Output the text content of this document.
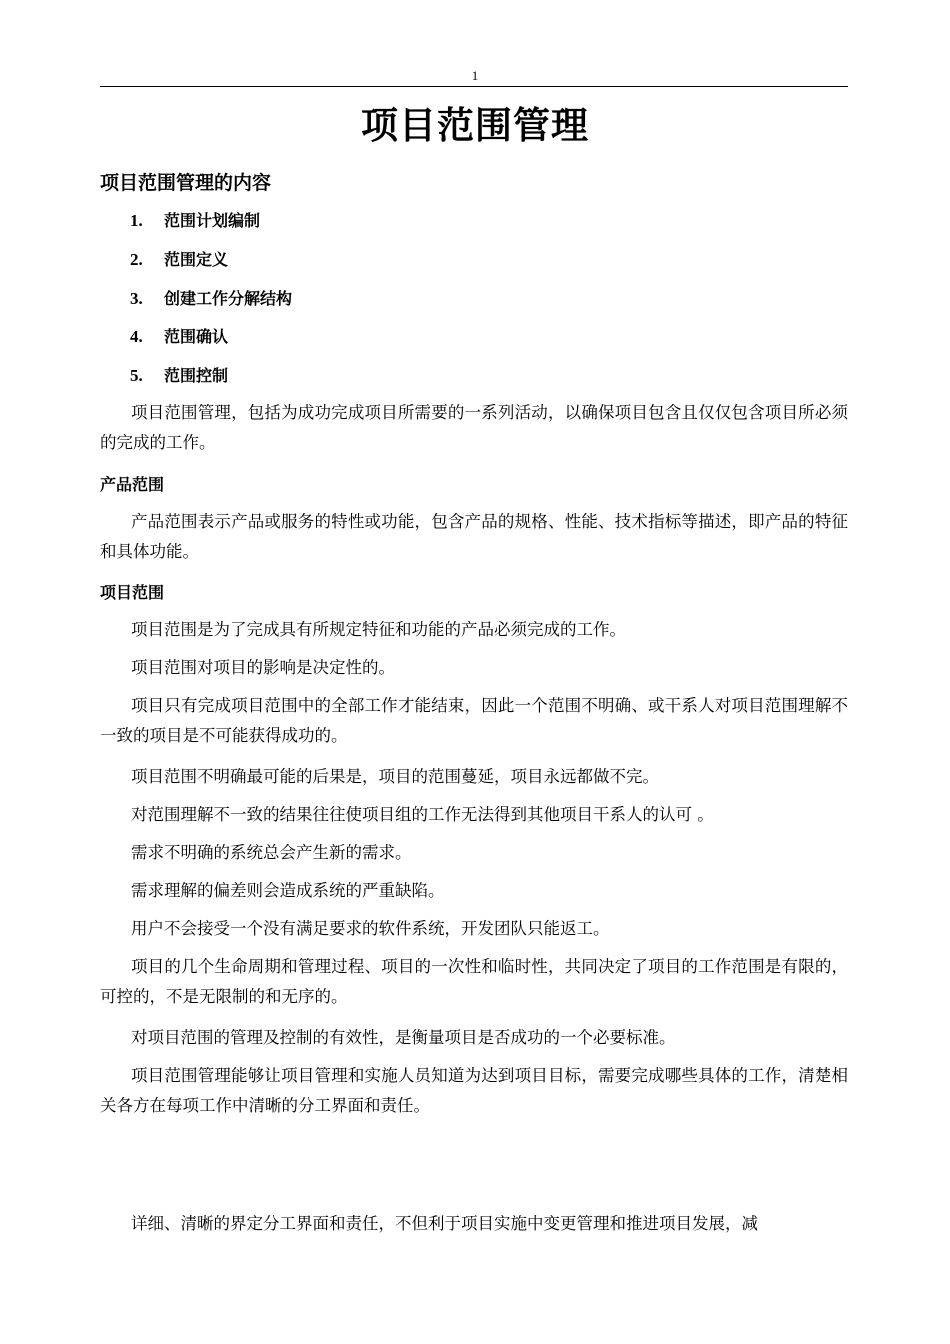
1
项目范围管理
项目范围管理的内容
1. 范围计划编制
2. 范围定义
3. 创建工作分解结构
4. 范围确认
5. 范围控制

项目范围管理，包括为成功完成项目所需要的一系列活动，以确保项目包含且仅仅包含项目所必须的完成的工作。

产品范围

产品范围表示产品或服务的特性或功能，包含产品的规格、性能、技术指标等描述，即产品的特征和具体功能。

项目范围

项目范围是为了完成具有所规定特征和功能的产品必须完成的工作。

项目范围对项目的影响是决定性的。

项目只有完成项目范围中的全部工作才能结束，因此一个范围不明确、或干系人对项目范围理解不一致的项目是不可能获得成功的。

项目范围不明确最可能的后果是，项目的范围蔓延，项目永远都做不完。

对范围理解不一致的结果往往使项目组的工作无法得到其他项目干系人的认可 。

需求不明确的系统总会产生新的需求。

需求理解的偏差则会造成系统的严重缺陷。

用户不会接受一个没有满足要求的软件系统，开发团队只能返工。

项目的几个生命周期和管理过程、项目的一次性和临时性，共同决定了项目的工作范围是有限的，可控的，不是无限制的和无序的。

对项目范围的管理及控制的有效性，是衡量项目是否成功的一个必要标准。

项目范围管理能够让项目管理和实施人员知道为达到项目目标，需要完成哪些具体的工作，清楚相关各方在每项工作中清晰的分工界面和责任。

详细、清晰的界定分工界面和责任，不但利于项目实施中变更管理和推进项目发展，减
